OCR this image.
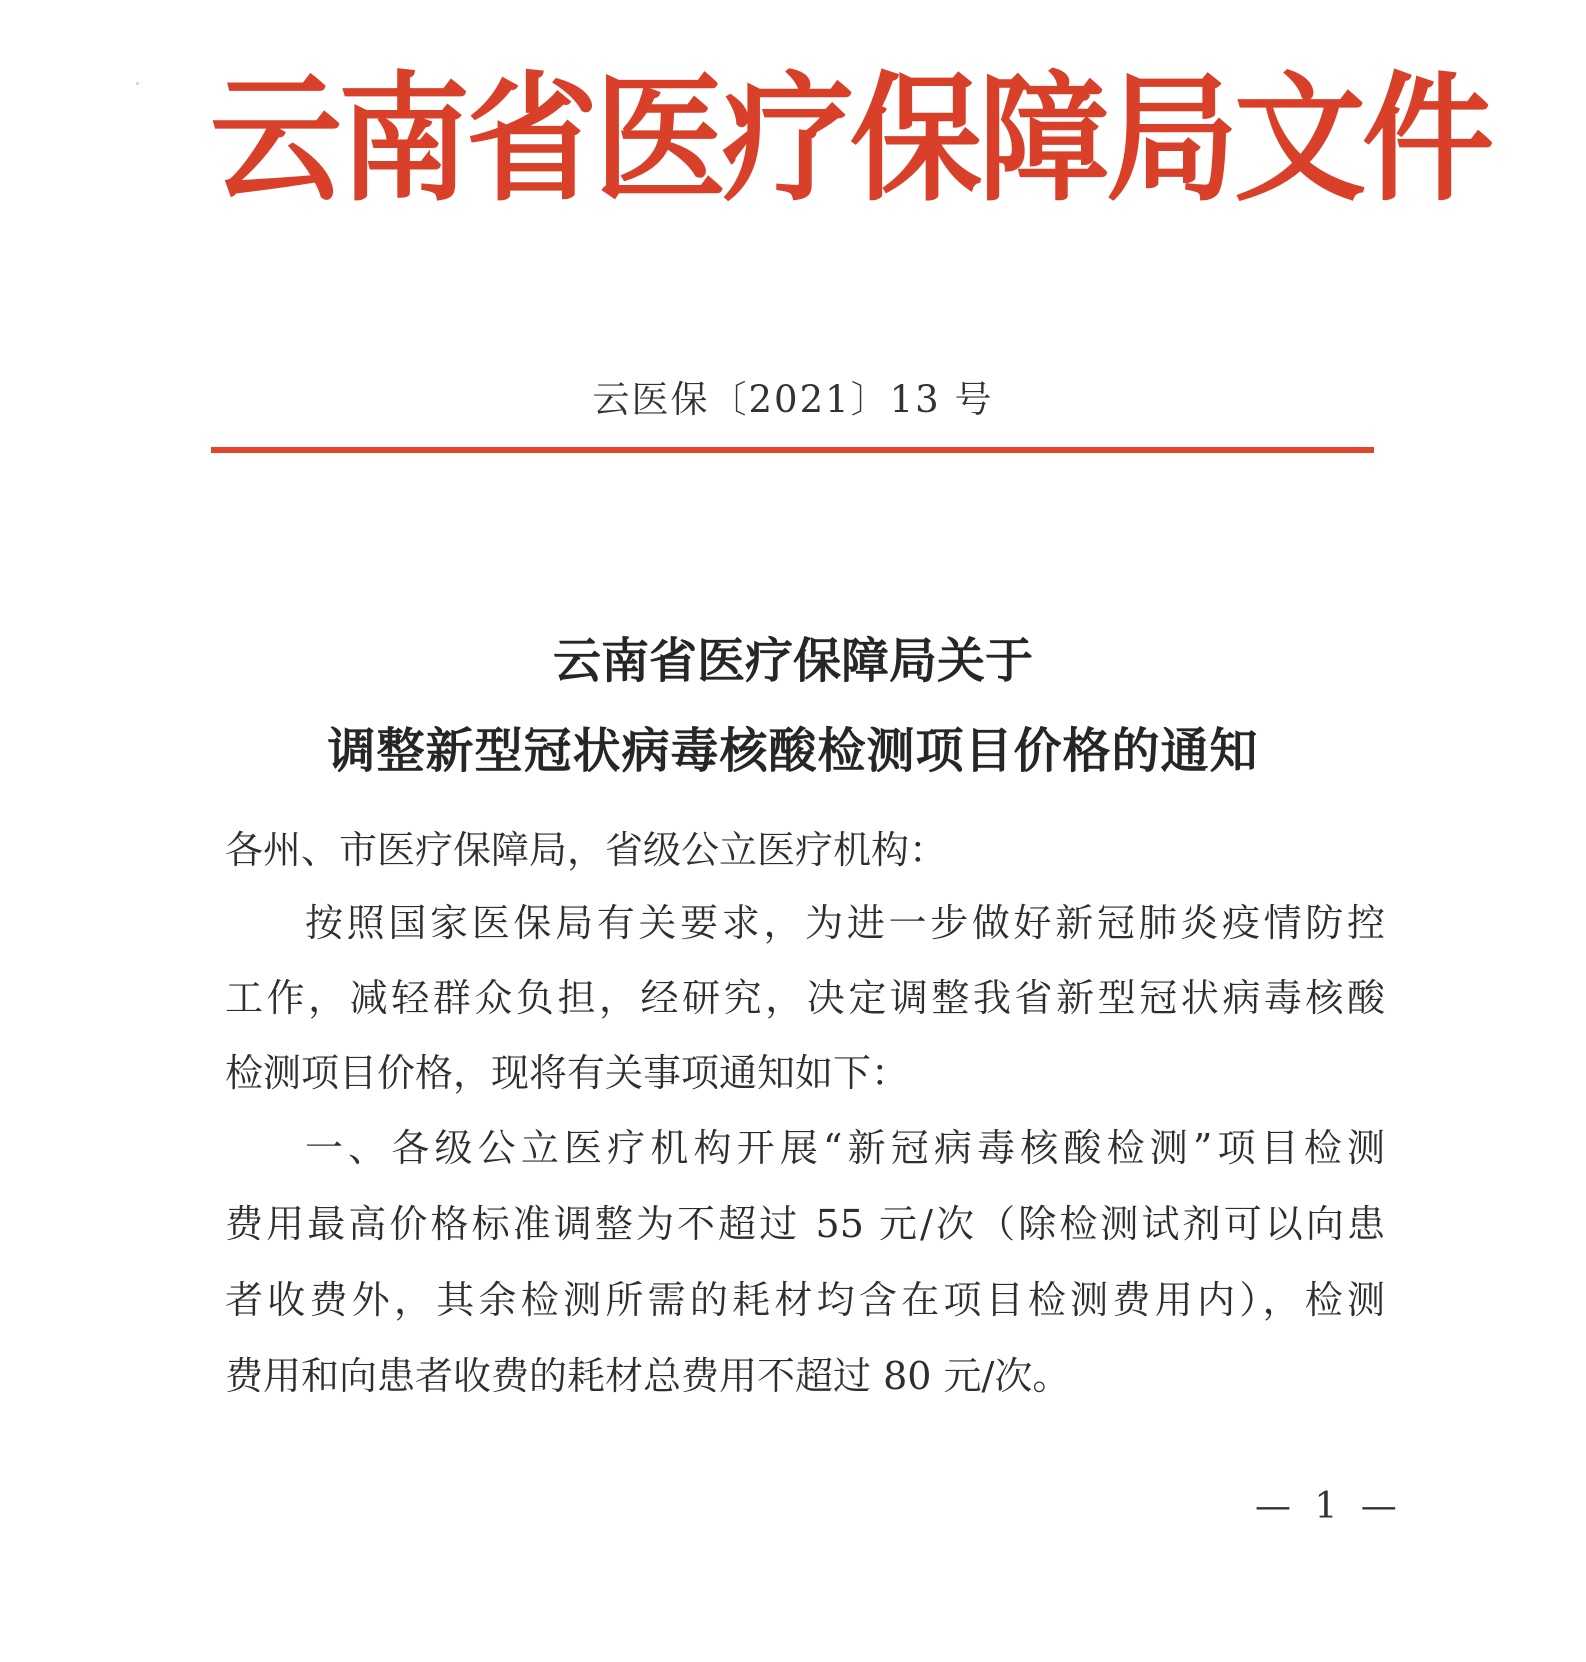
云南省医疗保障局文件
云医保〔2021〕13 号
云南省医疗保障局关于
调整新型冠状病毒核酸检测项目价格的通知
各州、市医疗保障局，省级公立医疗机构：
按照国家医保局有关要求，为进一步做好新冠肺炎疫情防控
工作，减轻群众负担，经研究，决定调整我省新型冠状病毒核酸
检测项目价格，现将有关事项通知如下：
一、各级公立医疗机构开展“新冠病毒核酸检测”项目检测
费用最高价格标准调整为不超过 55 元/次（除检测试剂可以向患
者收费外，其余检测所需的耗材均含在项目检测费用内），检测
费用和向患者收费的耗材总费用不超过 80 元/次。
— 1 —
